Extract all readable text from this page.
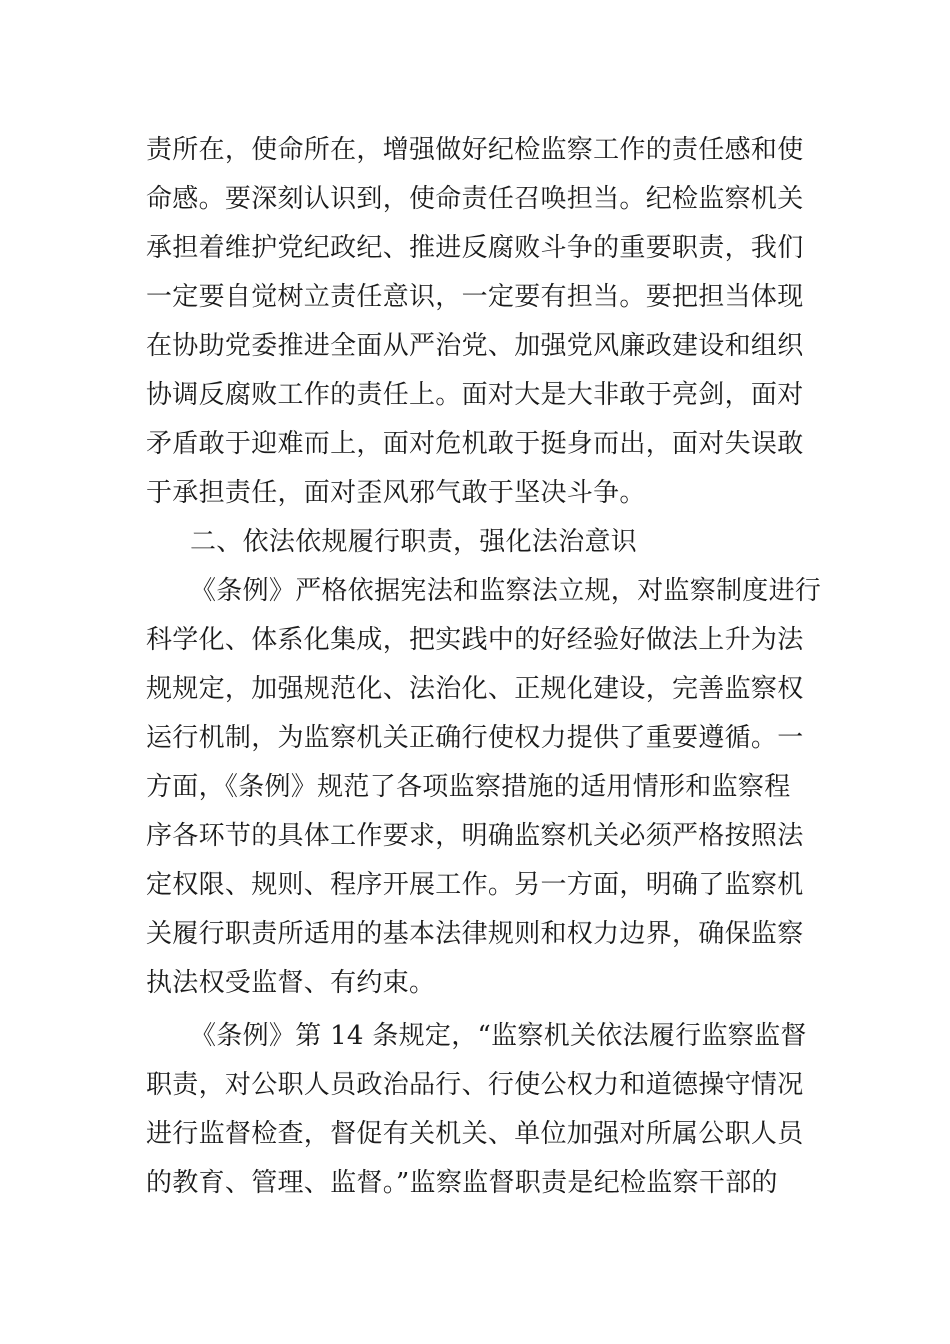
责所在，使命所在，增强做好纪检监察工作的责任感和使
命感。要深刻认识到，使命责任召唤担当。纪检监察机关
承担着维护党纪政纪、推进反腐败斗争的重要职责，我们
一定要自觉树立责任意识，一定要有担当。要把担当体现
在协助党委推进全面从严治党、加强党风廉政建设和组织
协调反腐败工作的责任上。面对大是大非敢于亮剑，面对
矛盾敢于迎难而上，面对危机敢于挺身而出，面对失误敢
于承担责任，面对歪风邪气敢于坚决斗争。

二、依法依规履行职责，强化法治意识

《条例》严格依据宪法和监察法立规，对监察制度进行
科学化、体系化集成，把实践中的好经验好做法上升为法
规规定，加强规范化、法治化、正规化建设，完善监察权
运行机制，为监察机关正确行使权力提供了重要遵循。一
方面，《条例》规范了各项监察措施的适用情形和监察程
序各环节的具体工作要求，明确监察机关必须严格按照法
定权限、规则、程序开展工作。另一方面，明确了监察机
关履行职责所适用的基本法律规则和权力边界，确保监察
执法权受监督、有约束。

《条例》第 14 条规定，“监察机关依法履行监察监督
职责，对公职人员政治品行、行使公权力和道德操守情况
进行监督检查，督促有关机关、单位加强对所属公职人员
的教育、管理、监督。”监察监督职责是纪检监察干部的
